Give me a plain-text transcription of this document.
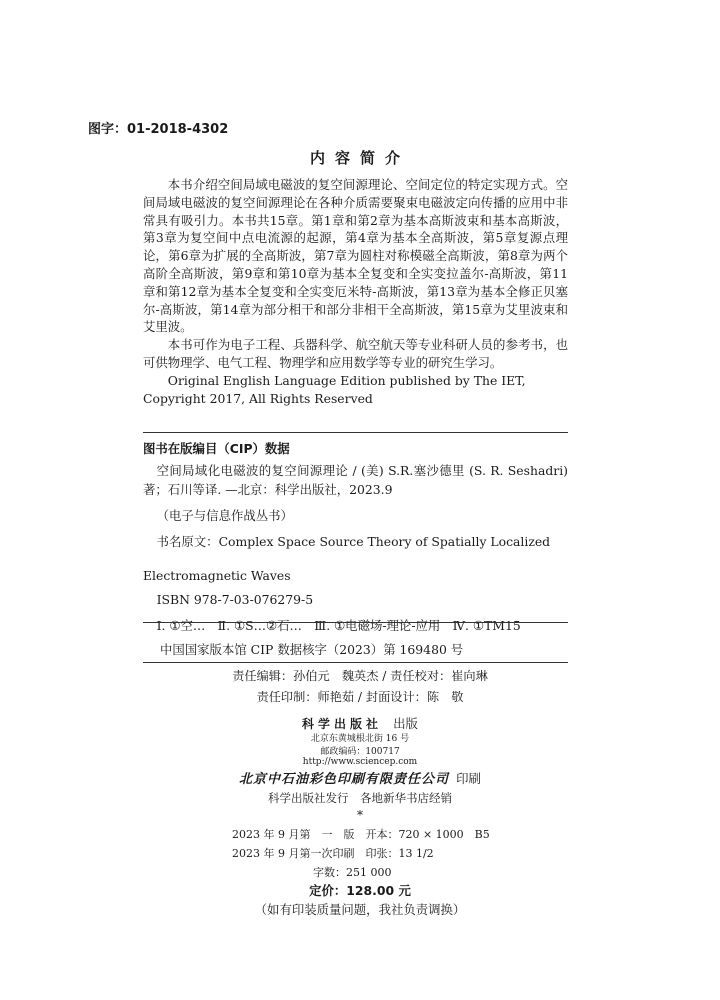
图字：01-2018-4302
内容简介

本书介绍空间局域电磁波的复空间源理论、空间定位的特定实现方式。空间局域电磁波的复空间源理论在各种介质需要聚束电磁波定向传播的应用中非常具有吸引力。本书共15章。第1章和第2章为基本高斯波束和基本高斯波，第3章为复空间中点电流源的起源，第4章为基本全高斯波，第5章复源点理论，第6章为扩展的全高斯波，第7章为圆柱对称模磁全高斯波，第8章为两个高阶全高斯波，第9章和第10章为基本全复变和全实变拉盖尔-高斯波，第11章和第12章为基本全复变和全实变厄米特-高斯波，第13章为基本全修正贝塞尔-高斯波，第14章为部分相干和部分非相干全高斯波，第15章为艾里波束和艾里波。

本书可作为电子工程、兵器科学、航空航天等专业科研人员的参考书，也可供物理学、电气工程、物理学和应用数学等专业的研究生学习。

Original English Language Edition published by The IET, Copyright 2017, All Rights Reserved

图书在版编目（CIP）数据

空间局域化电磁波的复空间源理论 / (美) S.R.塞沙德里 (S. R. Seshadri)著；石川等译. —北京：科学出版社，2023.9

（电子与信息作战丛书）

书名原文：Complex Space Source Theory of Spatially Localized

Electromagnetic Waves

ISBN 978-7-03-076279-5

Ⅰ. ①空…　Ⅱ. ①S…②石…　Ⅲ. ①电磁场-理论-应用　Ⅳ. ①TM15

中国国家版本馆 CIP 数据核字（2023）第 169480 号
责任编辑：孙伯元　魏英杰 / 责任校对：崔向琳
责任印制：师艳茹 / 封面设计：陈　敬
科学出版社 出版
北京东黄城根北街 16 号
邮政编码：100717
http://www.sciencep.com
北京中石油彩色印刷有限责任公司 印刷
科学出版社发行　各地新华书店经销
*
2023 年 9 月第　一　版　开本：720 × 1000　B5
2023 年 9 月第一次印刷　印张：13 1/2
字数：251 000
定价：128.00 元
（如有印装质量问题，我社负责调换）
